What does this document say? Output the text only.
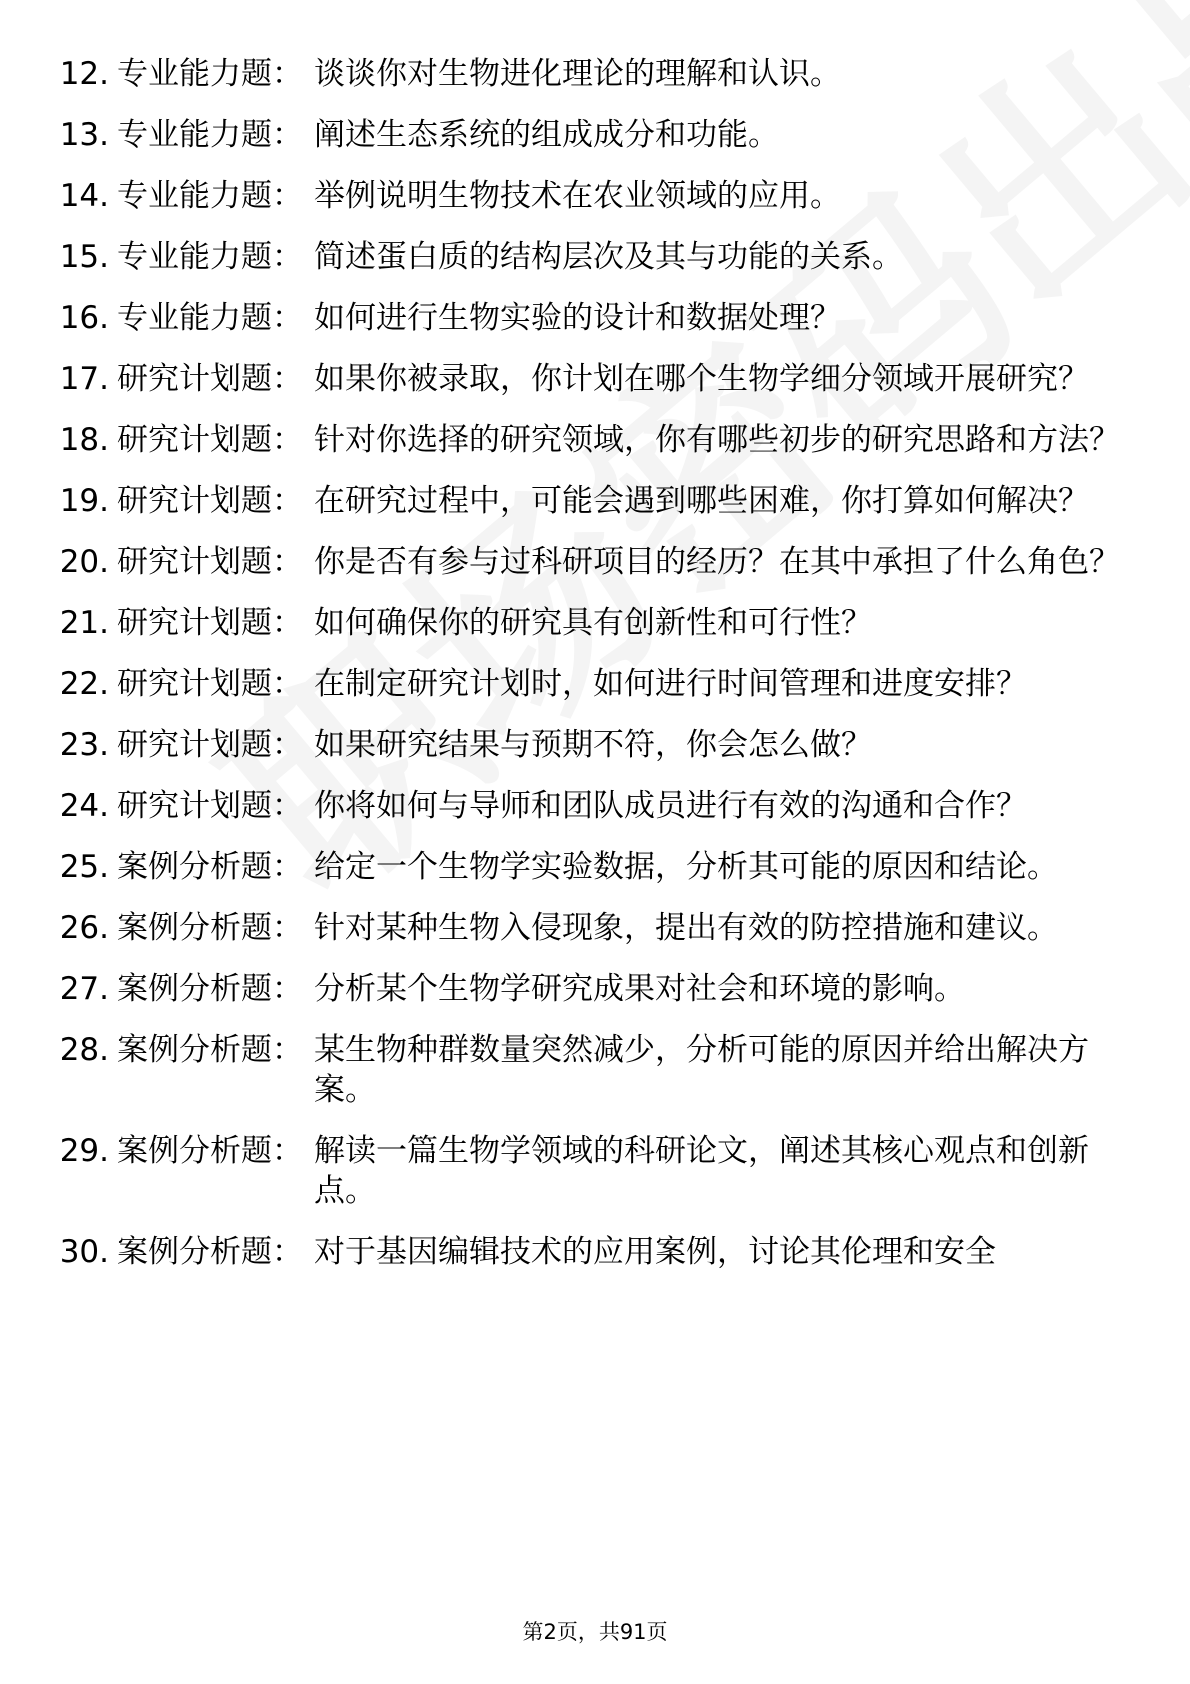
12. 专业能力题： 谈谈你对生物进化理论的理解和认识。
13. 专业能力题： 阐述生态系统的组成成分和功能。
14. 专业能力题： 举例说明生物技术在农业领域的应用。
15. 专业能力题： 简述蛋白质的结构层次及其与功能的关系。
16. 专业能力题： 如何进行生物实验的设计和数据处理？
17. 研究计划题： 如果你被录取，你计划在哪个生物学细分领域开展研究？
18. 研究计划题： 针对你选择的研究领域，你有哪些初步的研究思路和方法？
19. 研究计划题： 在研究过程中，可能会遇到哪些困难，你打算如何解决？
20. 研究计划题： 你是否有参与过科研项目的经历？在其中承担了什么角色？
21. 研究计划题： 如何确保你的研究具有创新性和可行性？
22. 研究计划题： 在制定研究计划时，如何进行时间管理和进度安排？
23. 研究计划题： 如果研究结果与预期不符，你会怎么做？
24. 研究计划题： 你将如何与导师和团队成员进行有效的沟通和合作？
25. 案例分析题： 给定一个生物学实验数据，分析其可能的原因和结论。
26. 案例分析题： 针对某种生物入侵现象，提出有效的防控措施和建议。
27. 案例分析题： 分析某个生物学研究成果对社会和环境的影响。
28. 案例分析题： 某生物种群数量突然减少，分析可能的原因并给出解决方案。
29. 案例分析题： 解读一篇生物学领域的科研论文，阐述其核心观点和创新点。
30. 案例分析题： 对于基因编辑技术的应用案例，讨论其伦理和安全
第2页，共91页
